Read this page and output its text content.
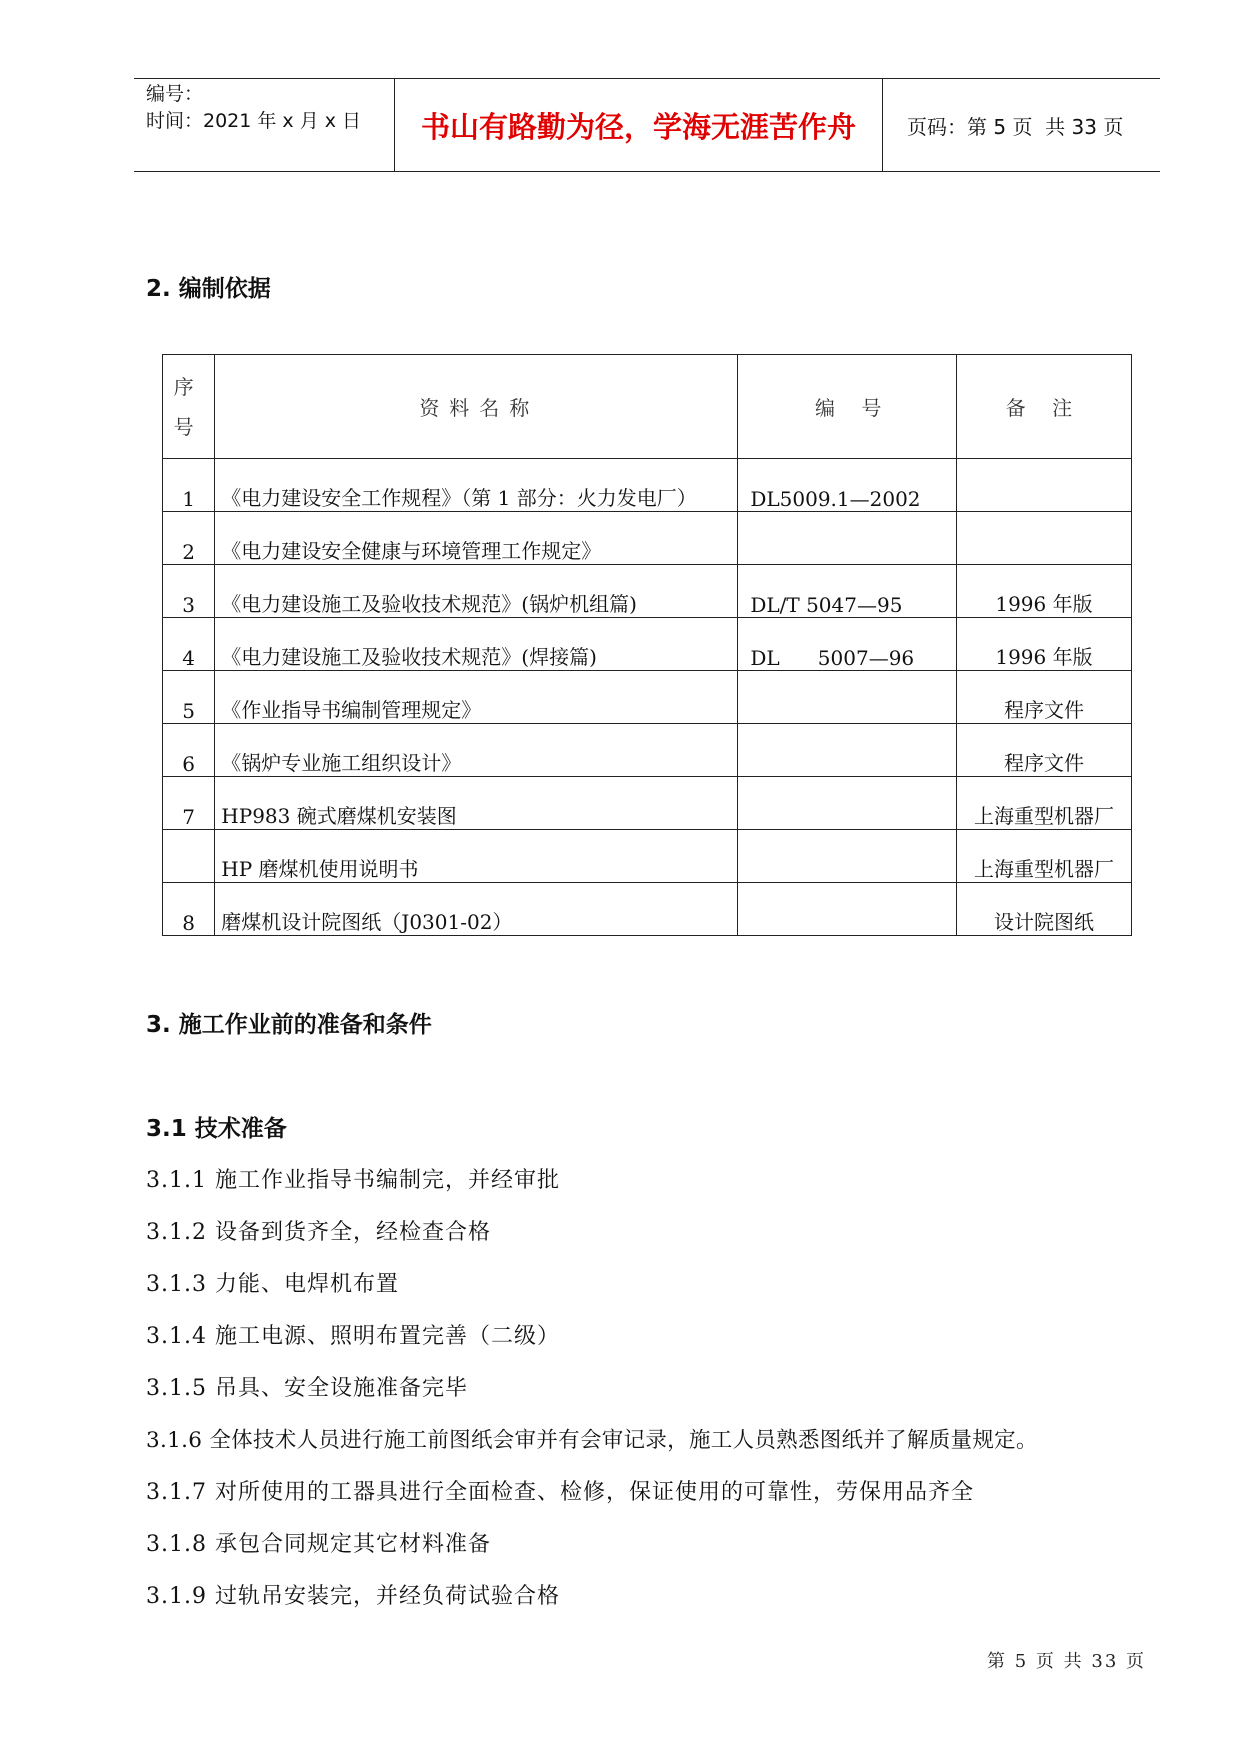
编号：
时间：2021 年 x 月 x 日	书山有路勤为径，学海无涯苦作舟	页码：第 5 页  共 33 页
2. 编制依据
序
号	资料名称	编 号	备 注
1	《电力建设安全工作规程》（第 1 部分：火力发电厂）	DL5009.1—2002	
2	《电力建设安全健康与环境管理工作规定》		
3	《电力建设施工及验收技术规范》(锅炉机组篇)	DL/T 5047—95	1996 年版
4	《电力建设施工及验收技术规范》(焊接篇)	DL      5007—96	1996 年版
5	《作业指导书编制管理规定》		程序文件
6	《锅炉专业施工组织设计》		程序文件
7	HP983 碗式磨煤机安装图		上海重型机器厂
	HP 磨煤机使用说明书		上海重型机器厂
8	磨煤机设计院图纸（J0301-02）		设计院图纸
3. 施工作业前的准备和条件
3.1 技术准备
3.1.1 施工作业指导书编制完，并经审批
3.1.2 设备到货齐全，经检查合格
3.1.3 力能、电焊机布置
3.1.4 施工电源、照明布置完善（二级）
3.1.5 吊具、安全设施准备完毕
3.1.6 全体技术人员进行施工前图纸会审并有会审记录，施工人员熟悉图纸并了解质量规定。
3.1.7 对所使用的工器具进行全面检查、检修，保证使用的可靠性，劳保用品齐全
3.1.8 承包合同规定其它材料准备
3.1.9 过轨吊安装完，并经负荷试验合格
第 5 页 共 33 页
